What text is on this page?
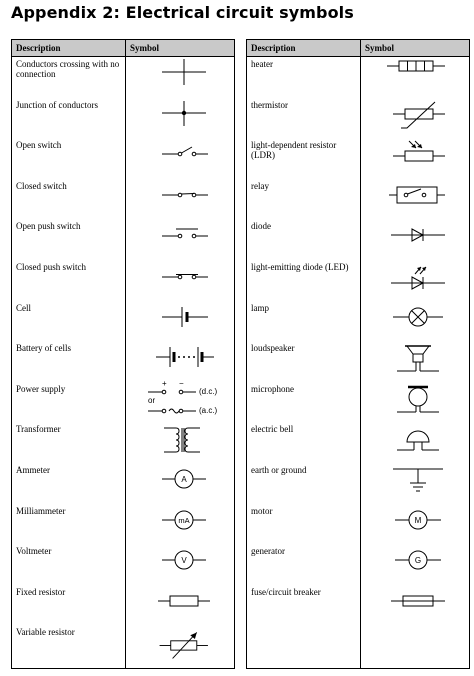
Appendix 2: Electrical circuit symbols
Description	Symbol

Conductors crossing with no connection

Junction of conductors

Open switch

Closed switch

Open push switch

Closed push switch

Cell

Battery of cells

Power supply	+ −
(d.c.)
or
(a.c.)

Transformer

Ammeter	A

Milliammeter	mA

Voltmeter	V

Fixed resistor

Variable resistor

Description	Symbol

heater

thermistor

light-dependent resistor (LDR)

relay

diode

light-emitting diode (LED)

lamp

loudspeaker

microphone

electric bell

earth or ground

motor	M

generator	G

fuse/circuit breaker
